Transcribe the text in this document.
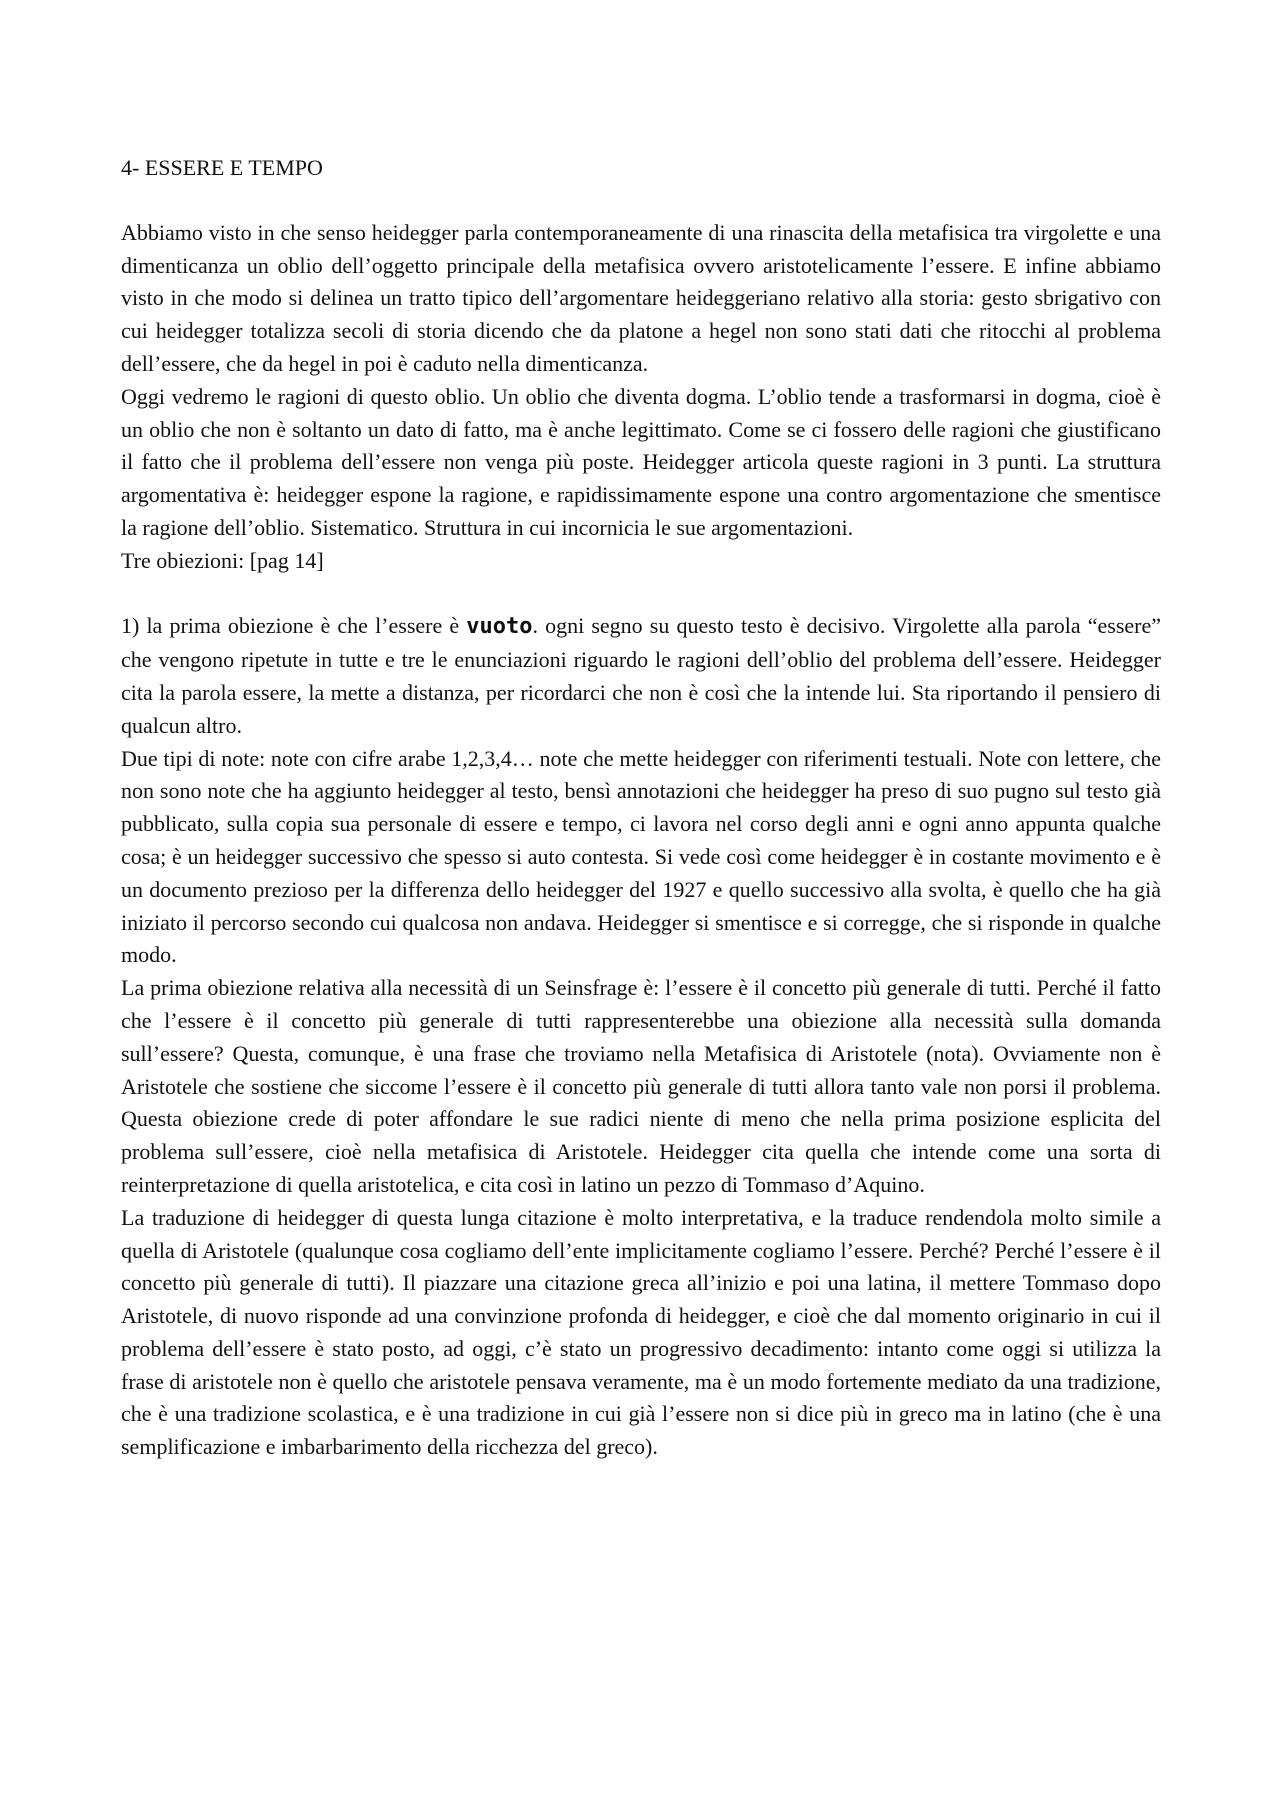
4- ESSERE E TEMPO

Abbiamo visto in che senso heidegger parla contemporaneamente di una rinascita della metafisica tra virgolette e una dimenticanza un oblio dell’oggetto principale della metafisica ovvero aristotelicamente l’essere. E infine abbiamo visto in che modo si delinea un tratto tipico dell’argomentare heideggeriano relativo alla storia: gesto sbrigativo con cui heidegger totalizza secoli di storia dicendo che da platone a hegel non sono stati dati che ritocchi al problema dell’essere, che da hegel in poi è caduto nella dimenticanza.

Oggi vedremo le ragioni di questo oblio. Un oblio che diventa dogma. L’oblio tende a trasformarsi in dogma, cioè è un oblio che non è soltanto un dato di fatto, ma è anche legittimato. Come se ci fossero delle ragioni che giustificano il fatto che il problema dell’essere non venga più poste. Heidegger articola queste ragioni in 3 punti. La struttura argomentativa è: heidegger espone la ragione, e rapidissimamente espone una contro argomentazione che smentisce la ragione dell’oblio. Sistematico. Struttura in cui incornicia le sue argomentazioni.

Tre obiezioni: [pag 14]

1) la prima obiezione è che l’essere è vuoto. ogni segno su questo testo è decisivo. Virgolette alla parola “essere” che vengono ripetute in tutte e tre le enunciazioni riguardo le ragioni dell’oblio del problema dell’essere. Heidegger cita la parola essere, la mette a distanza, per ricordarci che non è così che la intende lui. Sta riportando il pensiero di qualcun altro.

Due tipi di note: note con cifre arabe 1,2,3,4… note che mette heidegger con riferimenti testuali. Note con lettere, che non sono note che ha aggiunto heidegger al testo, bensì annotazioni che heidegger ha preso di suo pugno sul testo già pubblicato, sulla copia sua personale di essere e tempo, ci lavora nel corso degli anni e ogni anno appunta qualche cosa; è un heidegger successivo che spesso si auto contesta. Si vede così come heidegger è in costante movimento e è un documento prezioso per la differenza dello heidegger del 1927 e quello successivo alla svolta, è quello che ha già iniziato il percorso secondo cui qualcosa non andava. Heidegger si smentisce e si corregge, che si risponde in qualche modo.

La prima obiezione relativa alla necessità di un Seinsfrage è: l’essere è il concetto più generale di tutti. Perché il fatto che l’essere è il concetto più generale di tutti rappresenterebbe una obiezione alla necessità sulla domanda sull’essere? Questa, comunque, è una frase che troviamo nella Metafisica di Aristotele (nota). Ovviamente non è Aristotele che sostiene che siccome l’essere è il concetto più generale di tutti allora tanto vale non porsi il problema. Questa obiezione crede di poter affondare le sue radici niente di meno che nella prima posizione esplicita del problema sull’essere, cioè nella metafisica di Aristotele. Heidegger cita quella che intende come una sorta di reinterpretazione di quella aristotelica, e cita così in latino un pezzo di Tommaso d’Aquino.

La traduzione di heidegger di questa lunga citazione è molto interpretativa, e la traduce rendendola molto simile a quella di Aristotele (qualunque cosa cogliamo dell’ente implicitamente cogliamo l’essere. Perché? Perché l’essere è il concetto più generale di tutti). Il piazzare una citazione greca all’inizio e poi una latina, il mettere Tommaso dopo Aristotele, di nuovo risponde ad una convinzione profonda di heidegger, e cioè che dal momento originario in cui il problema dell’essere è stato posto, ad oggi, c’è stato un progressivo decadimento: intanto come oggi si utilizza la frase di aristotele non è quello che aristotele pensava veramente, ma è un modo fortemente mediato da una tradizione, che è una tradizione scolastica, e è una tradizione in cui già l’essere non si dice più in greco ma in latino (che è una semplificazione e imbarbarimento della ricchezza del greco).
